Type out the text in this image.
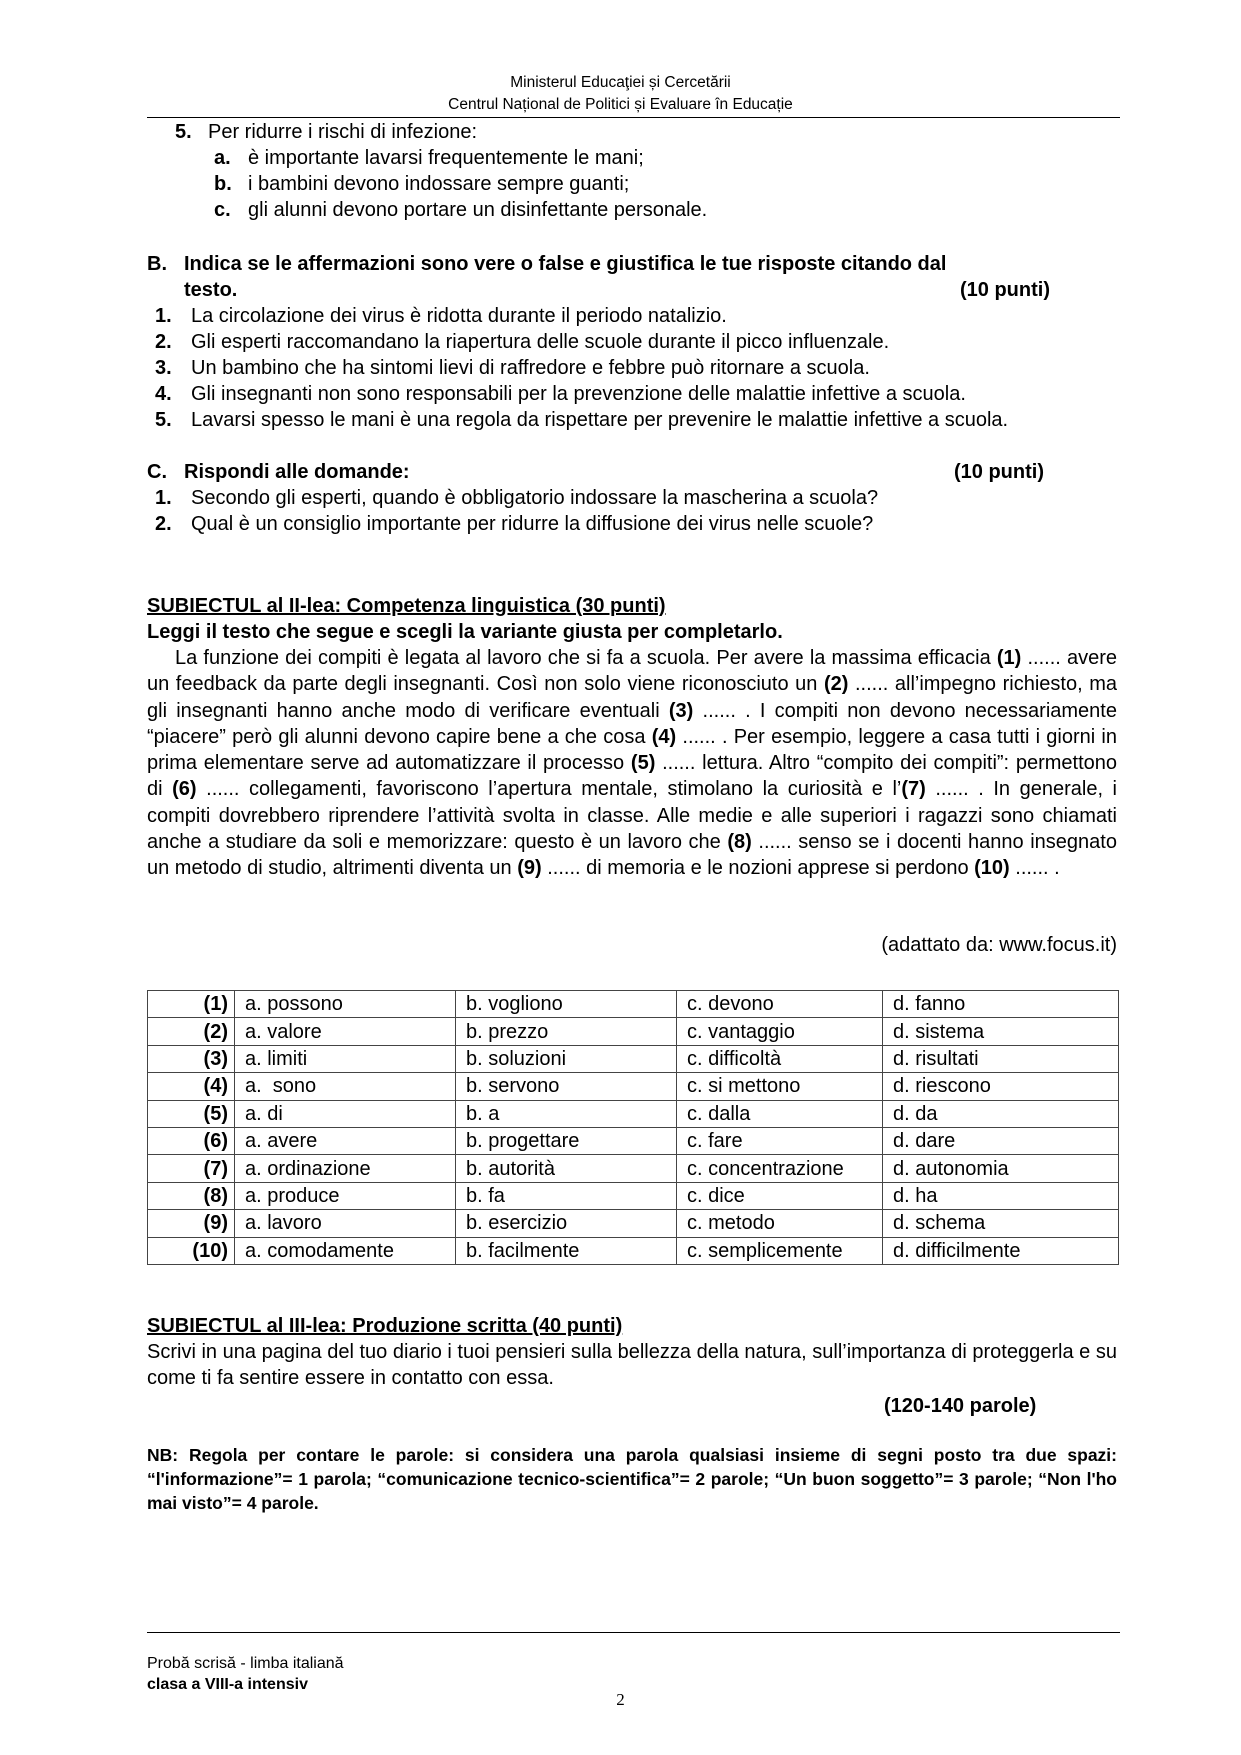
Ministerul Educaţiei și Cercetării
Centrul Național de Politici și Evaluare în Educație
5. Per ridurre i rischi di infezione:
a. è importante lavarsi frequentemente le mani;
b. i bambini devono indossare sempre guanti;
c. gli alunni devono portare un disinfettante personale.
B. Indica se le affermazioni sono vere o false e giustifica le tue risposte citando dal
testo.	(10 punti)
1. La circolazione dei virus è ridotta durante il periodo natalizio.
2. Gli esperti raccomandano la riapertura delle scuole durante il picco influenzale.
3. Un bambino che ha sintomi lievi di raffredore e febbre può ritornare a scuola.
4. Gli insegnanti non sono responsabili per la prevenzione delle malattie infettive a scuola.
5. Lavarsi spesso le mani è una regola da rispettare per prevenire le malattie infettive a scuola.
C. Rispondi alle domande:	(10 punti)
1. Secondo gli esperti, quando è obbligatorio indossare la mascherina a scuola?
2. Qual è un consiglio importante per ridurre la diffusione dei virus nelle scuole?
SUBIECTUL al II-lea: Competenza linguistica (30 punti)
Leggi il testo che segue e scegli la variante giusta per completarlo.

La funzione dei compiti è legata al lavoro che si fa a scuola. Per avere la massima efficacia (1) ...... avere un feedback da parte degli insegnanti. Così non solo viene riconosciuto un (2) ...... all’impegno richiesto, ma gli insegnanti hanno anche modo di verificare eventuali (3) ...... . I compiti non devono necessariamente “piacere” però gli alunni devono capire bene a che cosa (4) ...... . Per esempio, leggere a casa tutti i giorni in prima elementare serve ad automatizzare il processo (5) ...... lettura. Altro “compito dei compiti”: permettono di (6) ...... collegamenti, favoriscono l’apertura mentale, stimolano la curiosità e l’(7) ...... . In generale, i compiti dovrebbero riprendere l’attività svolta in classe. Alle medie e alle superiori i ragazzi sono chiamati anche a studiare da soli e memorizzare: questo è un lavoro che (8) ...... senso se i docenti hanno insegnato un metodo di studio, altrimenti diventa un (9) ...... di memoria e le nozioni apprese si perdono (10) ...... .

(adattato da: www.focus.it)
(1)	a. possono	b. vogliono	c. devono	d. fanno
(2)	a. valore	b. prezzo	c. vantaggio	d. sistema
(3)	a. limiti	b. soluzioni	c. difficoltà	d. risultati
(4)	a.  sono	b. servono	c. si mettono	d. riescono
(5)	a. di	b. a	c. dalla	d. da
(6)	a. avere	b. progettare	c. fare	d. dare
(7)	a. ordinazione	b. autorità	c. concentrazione	d. autonomia
(8)	a. produce	b. fa	c. dice	d. ha
(9)	a. lavoro	b. esercizio	c. metodo	d. schema
(10)	a. comodamente	b. facilmente	c. semplicemente	d. difficilmente
SUBIECTUL al III-lea: Produzione scritta (40 punti)
Scrivi in una pagina del tuo diario i tuoi pensieri sulla bellezza della natura, sull’importanza di proteggerla e su come ti fa sentire essere in contatto con essa.
(120-140 parole)
NB: Regola per contare le parole: si considera una parola qualsiasi insieme di segni posto tra due spazi: “l'informazione”= 1 parola; “comunicazione tecnico-scientifica”= 2 parole; “Un buon soggetto”= 3 parole; “Non l'ho mai visto”= 4 parole.
Probă scrisă - limba italiană
clasa a VIII-a intensiv
2
